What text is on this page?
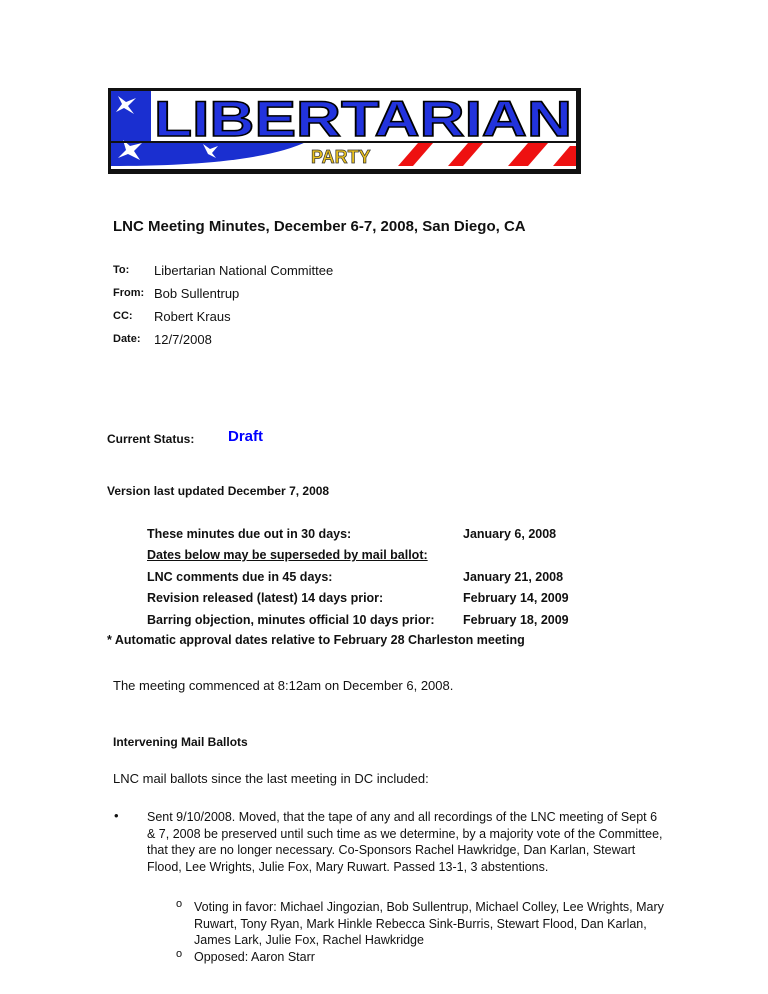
LIBERTARIAN
PARTY
LNC Meeting Minutes, December 6-7, 2008, San Diego, CA
To: Libertarian National Committee
From: Bob Sullentrup
CC: Robert Kraus
Date: 12/7/2008
Current Status: Draft
Version last updated December 7, 2008
These minutes due out in 30 days:	January 6, 2008
Dates below may be superseded by mail ballot:
LNC comments due in 45 days:	January 21, 2008
Revision released (latest) 14 days prior:	February 14, 2009
Barring objection, minutes official 10 days prior: February 18, 2009
* Automatic approval dates relative to February 28 Charleston meeting
The meeting commenced at 8:12am on December 6, 2008.
Intervening Mail Ballots
LNC mail ballots since the last meeting in DC included:
• Sent 9/10/2008. Moved, that the tape of any and all recordings of the LNC meeting of Sept 6 & 7, 2008 be preserved until such time as we determine, by a majority vote of the Committee, that they are no longer necessary. Co-Sponsors Rachel Hawkridge, Dan Karlan, Stewart Flood, Lee Wrights, Julie Fox, Mary Ruwart. Passed 13-1, 3 abstentions.
o Voting in favor: Michael Jingozian, Bob Sullentrup, Michael Colley, Lee Wrights, Mary Ruwart, Tony Ryan, Mark Hinkle Rebecca Sink-Burris, Stewart Flood, Dan Karlan, James Lark, Julie Fox, Rachel Hawkridge
o Opposed: Aaron Starr
